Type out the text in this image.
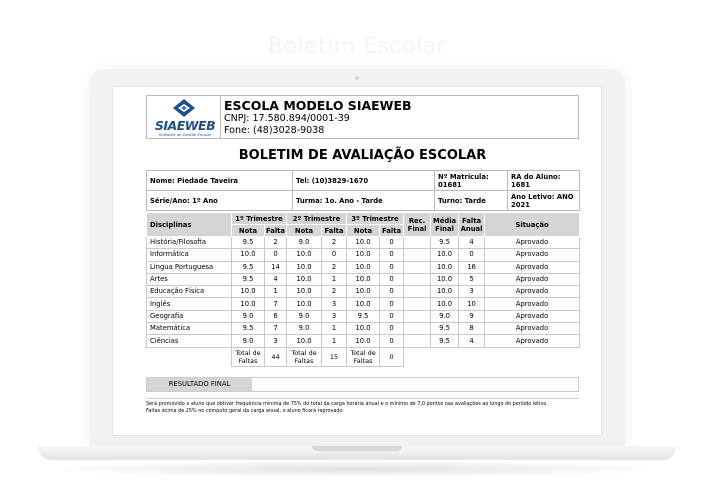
Boletim Escolar
SIAEWEB
Software de Gestão Escolar
ESCOLA MODELO SIAEWEB
CNPJ: 17.580.894/0001-39
Fone: (48)3028-9038
BOLETIM DE AVALIAÇÃO ESCOLAR
Nome: Piedade Taveira	Tel: (10)3829-1670	Nº Matrícula: 01681	RA do Aluno: 1681
Série/Ano: 1º Ano	Turma: 1o. Ano - Tarde	Turno: Tarde	Ano Letivo: ANO 2021
Disciplinas	1º Trimestre		2º Trimestre		3º Trimestre		Rec. Final	Média Final	Falta Anual	Situação
	Nota	Falta	Nota	Falta	Nota	Falta				
História/Filosofia	9.5	2	9.0	2	10.0	0		9.5	4	Aprovado
Informática	10.0	0	10.0	0	10.0	0		10.0	0	Aprovado
Lingua Portuguesa	9.5	14	10.0	2	10.0	0		10.0	16	Aprovado
Artes	9.5	4	10.0	1	10.0	0		10.0	5	Aprovado
Educação Física	10.0	1	10.0	2	10.0	0		10.0	3	Aprovado
Inglês	10.0	7	10.0	3	10.0	0		10.0	10	Aprovado
Geografia	9.0	6	9.0	3	9.5	0		9.0	9	Aprovado
Matemática	9.5	7	9.0	1	10.0	0		9.5	8	Aprovado
Ciências	9.0	3	10.0	1	10.0	0		9.5	4	Aprovado
	Total de Faltas	44	Total de Faltas	15	Total de Faltas	0				
RESULTADO FINAL
Será promovido o aluno que obtiver frequência mínima de 75% do total da carga horária anual e o mínimo de 7,0 pontos nas avaliações ao longo do período letivo.
Faltas acima de 25% no cômputo geral da carga anual, o aluno ficará reprovado.
